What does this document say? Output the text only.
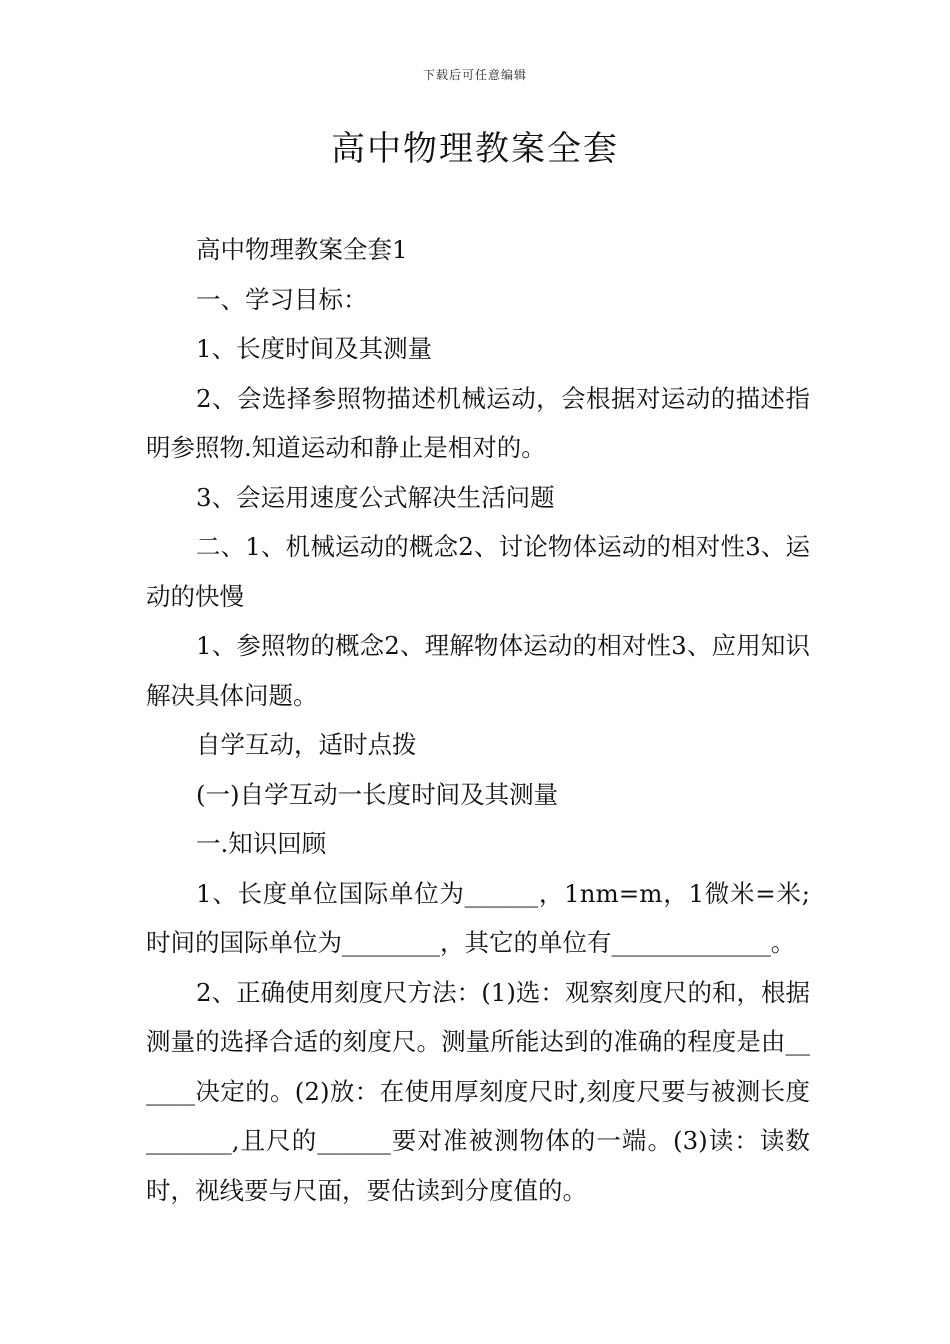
下载后可任意编辑
高中物理教案全套

高中物理教案全套1

一、学习目标：

1、长度时间及其测量

2、会选择参照物描述机械运动，会根据对运动的描述指明参照物.知道运动和静止是相对的。

3、会运用速度公式解决生活问题

二、1、机械运动的概念2、讨论物体运动的相对性3、运动的快慢

1、参照物的概念2、理解物体运动的相对性3、应用知识解决具体问题。

自学互动，适时点拨

(一)自学互动一长度时间及其测量

一.知识回顾

1、长度单位国际单位为______，1nm=m，1微米=米;时间的国际单位为________，其它的单位有_____________。

2、正确使用刻度尺方法：(1)选：观察刻度尺的和，根据测量的选择合适的刻度尺。测量所能达到的准确的程度是由______决定的。(2)放：在使用厚刻度尺时,刻度尺要与被测长度_______,且尺的______要对准被测物体的一端。(3)读：读数时，视线要与尺面，要估读到分度值的。
